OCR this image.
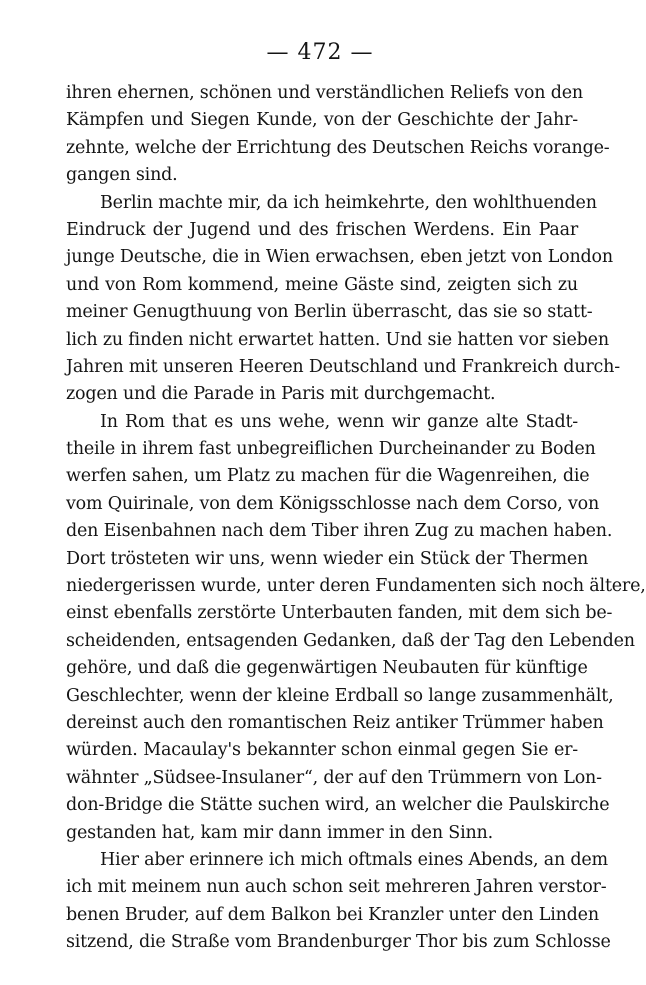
— 472 —
ihren ehernen, schönen und verständlichen Reliefs von den
Kämpfen und Siegen Kunde, von der Geschichte der Jahr-
zehnte, welche der Errichtung des Deutschen Reichs vorange-
gangen sind.
Berlin machte mir, da ich heimkehrte, den wohlthuenden
Eindruck der Jugend und des frischen Werdens. Ein Paar
junge Deutsche, die in Wien erwachsen, eben jetzt von London
und von Rom kommend, meine Gäste sind, zeigten sich zu
meiner Genugthuung von Berlin überrascht, das sie so statt-
lich zu finden nicht erwartet hatten. Und sie hatten vor sieben
Jahren mit unseren Heeren Deutschland und Frankreich durch-
zogen und die Parade in Paris mit durchgemacht.
In Rom that es uns wehe, wenn wir ganze alte Stadt-
theile in ihrem fast unbegreiflichen Durcheinander zu Boden
werfen sahen, um Platz zu machen für die Wagenreihen, die
vom Quirinale, von dem Königsschlosse nach dem Corso, von
den Eisenbahnen nach dem Tiber ihren Zug zu machen haben.
Dort trösteten wir uns, wenn wieder ein Stück der Thermen
niedergerissen wurde, unter deren Fundamenten sich noch ältere,
einst ebenfalls zerstörte Unterbauten fanden, mit dem sich be-
scheidenden, entsagenden Gedanken, daß der Tag den Lebenden
gehöre, und daß die gegenwärtigen Neubauten für künftige
Geschlechter, wenn der kleine Erdball so lange zusammenhält,
dereinst auch den romantischen Reiz antiker Trümmer haben
würden. Macaulay's bekannter schon einmal gegen Sie er-
wähnter „Südsee-Insulaner“, der auf den Trümmern von Lon-
don-Bridge die Stätte suchen wird, an welcher die Paulskirche
gestanden hat, kam mir dann immer in den Sinn.
Hier aber erinnere ich mich oftmals eines Abends, an dem
ich mit meinem nun auch schon seit mehreren Jahren verstor-
benen Bruder, auf dem Balkon bei Kranzler unter den Linden
sitzend, die Straße vom Brandenburger Thor bis zum Schlosse
